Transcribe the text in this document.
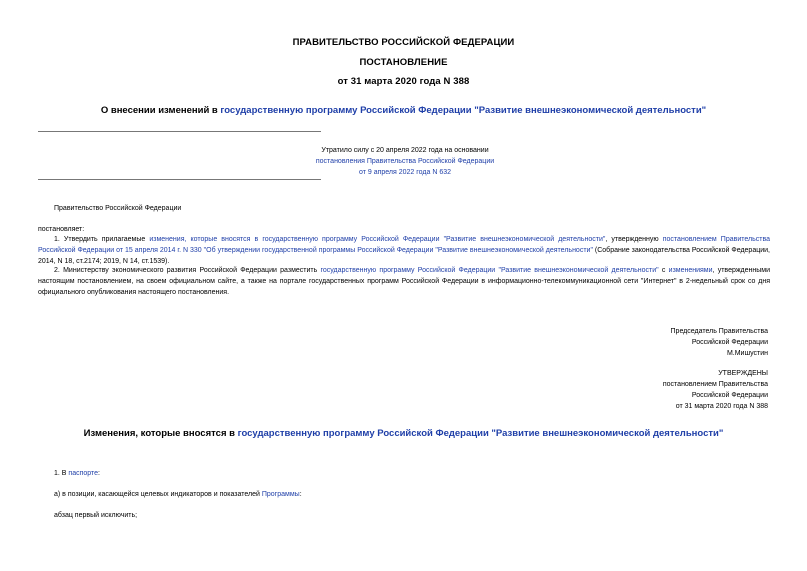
ПРАВИТЕЛЬСТВО РОССИЙСКОЙ ФЕДЕРАЦИИ
ПОСТАНОВЛЕНИЕ
от 31 марта 2020 года N 388
О внесении изменений в государственную программу Российской Федерации "Развитие внешнеэкономической деятельности"
Утратило силу с 20 апреля 2022 года на основании
постановления Правительства Российской Федерации
от 9 апреля 2022 года N 632
Правительство Российской Федерации
постановляет:
1. Утвердить прилагаемые изменения, которые вносятся в государственную программу Российской Федерации "Развитие внешнеэкономической деятельности", утвержденную постановлением Правительства Российской Федерации от 15 апреля 2014 г. N 330 "Об утверждении государственной программы Российской Федерации "Развитие внешнеэкономической деятельности" (Собрание законодательства Российской Федерации, 2014, N 18, ст.2174; 2019, N 14, ст.1539).
2. Министерству экономического развития Российской Федерации разместить государственную программу Российской Федерации "Развитие внешнеэкономической деятельности" с изменениями, утвержденными настоящим постановлением, на своем официальном сайте, а также на портале государственных программ Российской Федерации в информационно-телекоммуникационной сети "Интернет" в 2-недельный срок со дня официального опубликования настоящего постановления.
Председатель Правительства
Российской Федерации
М.Мишустин
УТВЕРЖДЕНЫ
постановлением Правительства
Российской Федерации
от 31 марта 2020 года N 388
Изменения, которые вносятся в государственную программу Российской Федерации "Развитие внешнеэкономической деятельности"
1. В паспорте:
а) в позиции, касающейся целевых индикаторов и показателей Программы:
абзац первый исключить;
